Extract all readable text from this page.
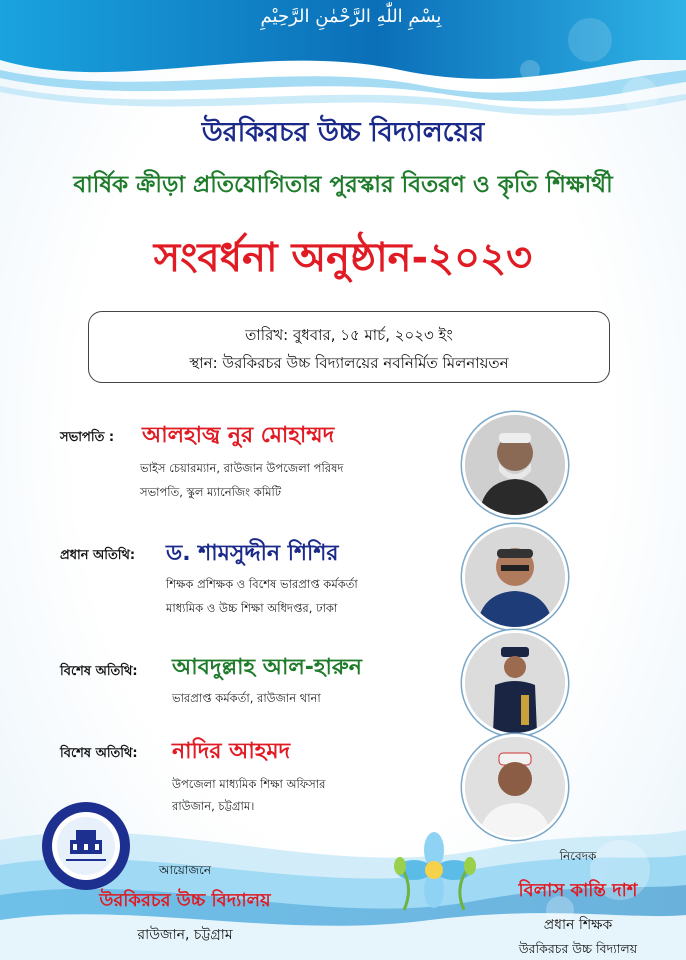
بِسْمِ اللّٰهِ الرَّحْمٰنِ الرَّحِيْمِ
উরকিরচর উচ্চ বিদ্যালয়ের
বার্ষিক ক্রীড়া প্রতিযোগিতার পুরস্কার বিতরণ ও কৃতি শিক্ষার্থী
সংবর্ধনা অনুষ্ঠান-২০২৩
তারিখ: বুধবার, ১৫ মার্চ, ২০২৩ ইং
স্থান: উরকিরচর উচ্চ বিদ্যালয়ের নবনির্মিত মিলনায়তন
সভাপতি : আলহাজ্ব নুর মোহাম্মদ
ভাইস চেয়ারম্যান, রাউজান উপজেলা পরিষদ
সভাপতি, স্কুল ম্যানেজিং কমিটি
প্রধান অতিথি: ড. শামসুদ্দীন শিশির
শিক্ষক প্রশিক্ষক ও বিশেষ ভারপ্রাপ্ত কর্মকর্তা
মাধ্যমিক ও উচ্চ শিক্ষা অধিদপ্তর, ঢাকা
বিশেষ অতিথি: আবদুল্লাহ আল-হারুন
ভারপ্রাপ্ত কর্মকর্তা, রাউজান থানা
বিশেষ অতিথি: নাদির আহমদ
উপজেলা মাধ্যমিক শিক্ষা অফিসার
রাউজান, চট্টগ্রাম।
আয়োজনে
উরকিরচর উচ্চ বিদ্যালয়
রাউজান, চট্টগ্রাম
নিবেদক
বিলাস কান্তি দাশ
প্রধান শিক্ষক
উরকিরচর উচ্চ বিদ্যালয়
